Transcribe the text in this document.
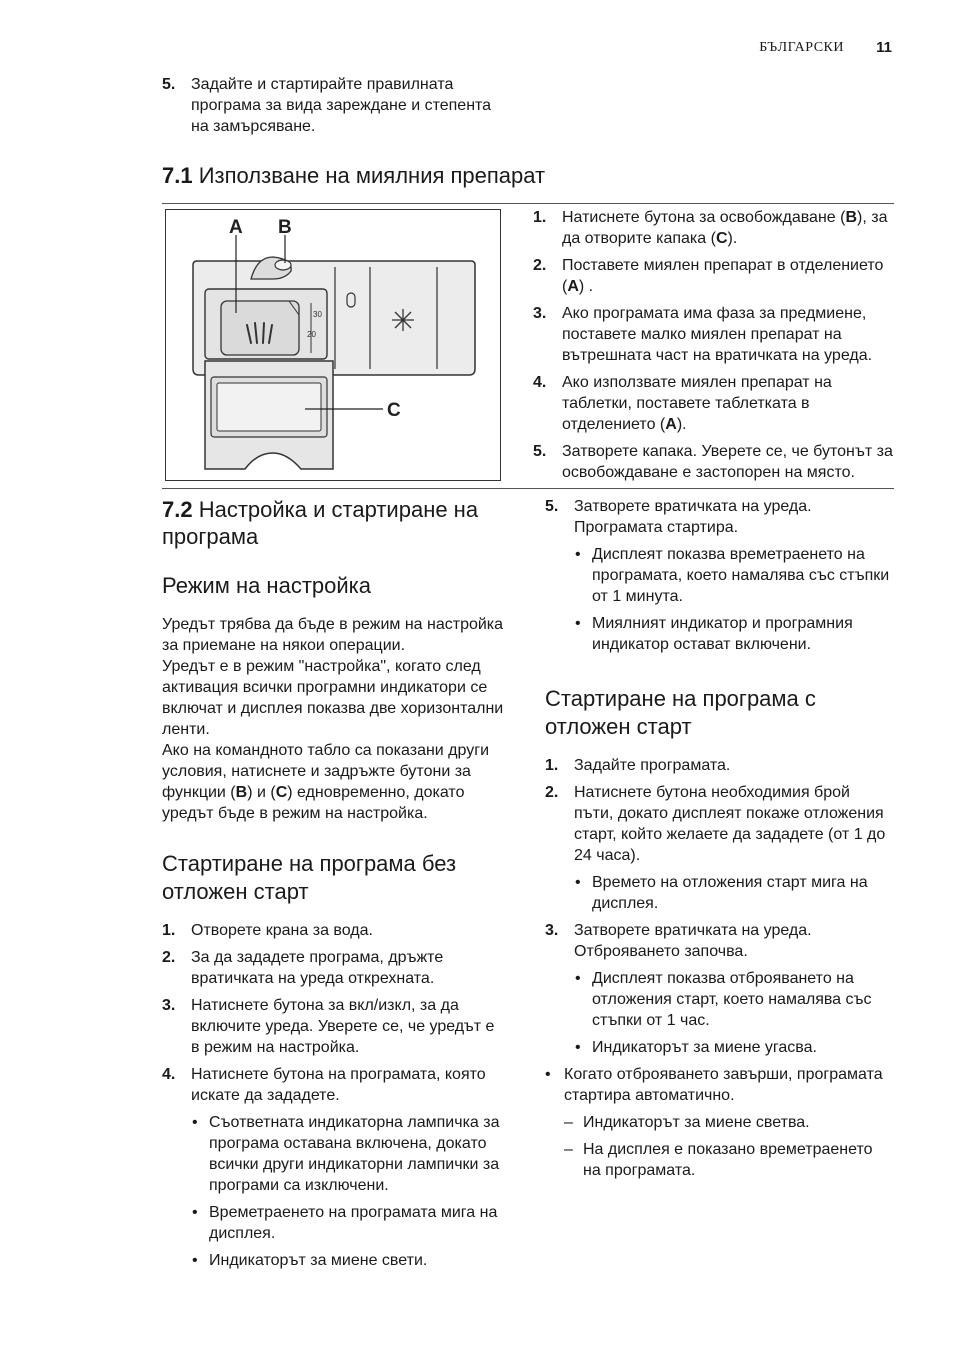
БЪЛГАРСКИ 11
5. Задайте и стартирайте правилната програма за вида зареждане и степента на замърсяване.
7.1 Използване на миялния препарат
30
20
A B
C
1. Натиснете бутона за освобождаване (B), за да отворите капака (C).
2. Поставете миялен препарат в отделението (A) .
3. Ако програмата има фаза за предмиене, поставете малко миялен препарат на вътрешната част на вратичката на уреда.
4. Ако използвате миялен препарат на таблетки, поставете таблетката в отделението (A).
5. Затворете капака. Уверете се, че бутонът за освобождаване е застопорен на място.
7.2 Настройка и стартиране на програма
Режим на настройка
Уредът трябва да бъде в режим на настройка за приемане на някои операции.
Уредът е в режим "настройка", когато след активация всички програмни индикатори се включат и дисплея показва две хоризонтални ленти.
Ако на командното табло са показани други условия, натиснете и задръжте бутони за функции (B) и (C) едновременно, докато уредът бъде в режим на настройка.
Стартиране на програма без отложен старт
1. Отворете крана за вода.
2. За да зададете програма, дръжте вратичката на уреда открехната.
3. Натиснете бутона за вкл/изкл, за да включите уреда. Уверете се, че уредът е в режим на настройка.
4. Натиснете бутона на програмата, която искате да зададете.
• Съответната индикаторна лампичка за програма оставана включена, докато всички други индикаторни лампички за програми са изключени.
• Времетраенето на програмата мига на дисплея.
• Индикаторът за миене свети.
5. Затворете вратичката на уреда. Програмата стартира.
• Дисплеят показва времетраенето на програмата, което намалява със стъпки от 1 минута.
• Миялният индикатор и програмния индикатор остават включени.
Стартиране на програма с отложен старт
1. Задайте програмата.
2. Натиснете бутона необходимия брой пъти, докато дисплеят покаже отложения старт, който желаете да зададете (от 1 до 24 часа).
• Времето на отложения старт мига на дисплея.
3. Затворете вратичката на уреда. Отброяването започва.
• Дисплеят показва отброяването на отложения старт, което намалява със стъпки от 1 час.
• Индикаторът за миене угасва.
• Когато отброяването завърши, програмата стартира автоматично.
– Индикаторът за миене светва.
– На дисплея е показано времетраенето на програмата.
